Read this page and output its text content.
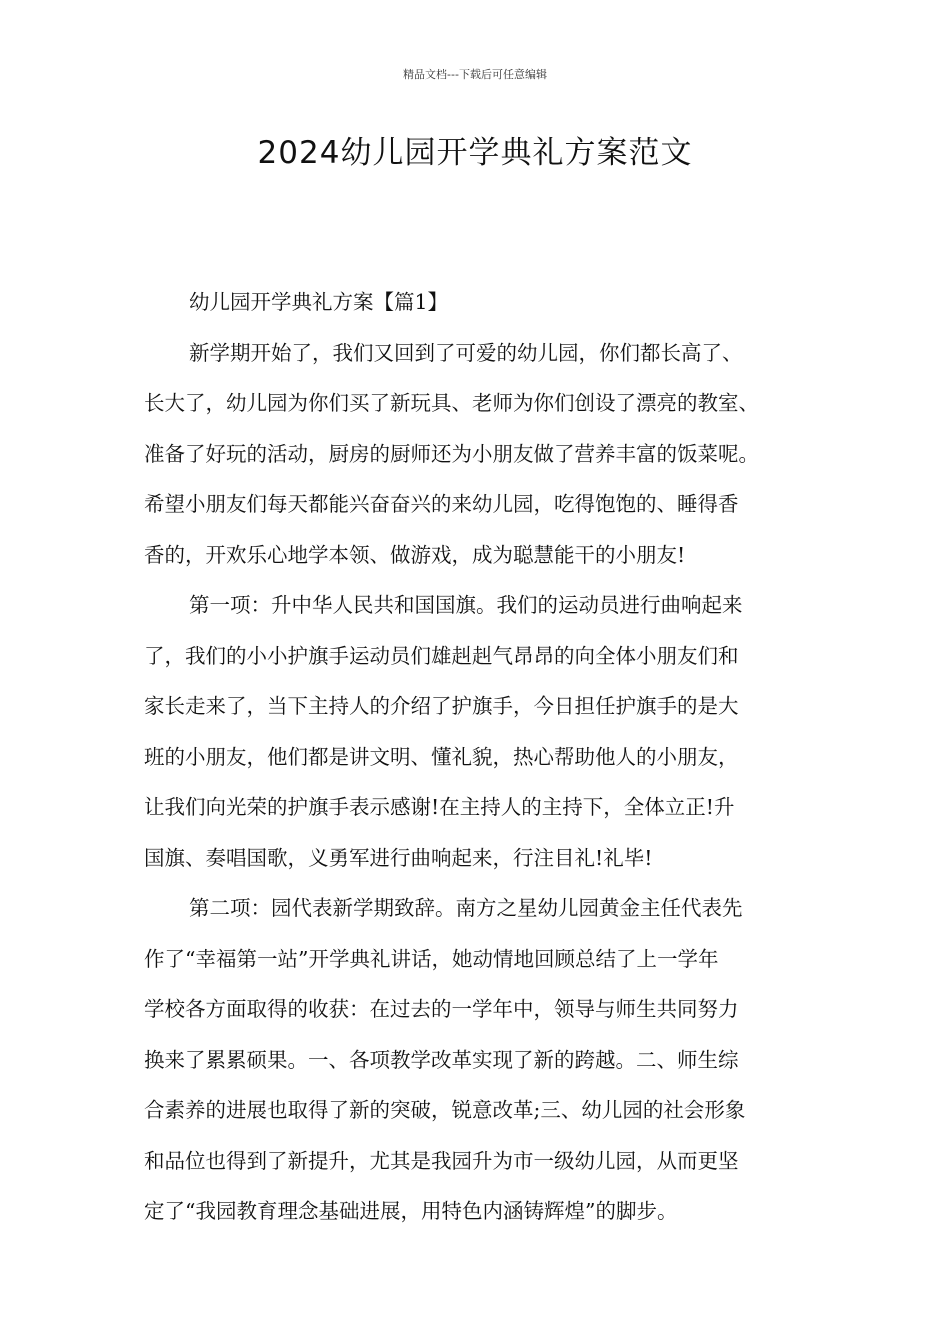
精品文档---下载后可任意编辑
2024幼儿园开学典礼方案范文
幼儿园开学典礼方案【篇1】
新学期开始了，我们又回到了可爱的幼儿园，你们都长高了、
长大了，幼儿园为你们买了新玩具、老师为你们创设了漂亮的教室、
准备了好玩的活动，厨房的厨师还为小朋友做了营养丰富的饭菜呢。
希望小朋友们每天都能兴奋奋兴的来幼儿园，吃得饱饱的、睡得香
香的，开欢乐心地学本领、做游戏，成为聪慧能干的小朋友!
第一项：升中华人民共和国国旗。我们的运动员进行曲响起来
了，我们的小小护旗手运动员们雄赳赳气昂昂的向全体小朋友们和
家长走来了，当下主持人的介绍了护旗手，今日担任护旗手的是大
班的小朋友，他们都是讲文明、懂礼貌，热心帮助他人的小朋友，
让我们向光荣的护旗手表示感谢!在主持人的主持下，全体立正!升
国旗、奏唱国歌，义勇军进行曲响起来，行注目礼!礼毕!
第二项：园代表新学期致辞。南方之星幼儿园黄金主任代表先
作了“幸福第一站”开学典礼讲话，她动情地回顾总结了上一学年
学校各方面取得的收获：在过去的一学年中，领导与师生共同努力
换来了累累硕果。一、各项教学改革实现了新的跨越。二、师生综
合素养的进展也取得了新的突破，锐意改革;三、幼儿园的社会形象
和品位也得到了新提升，尤其是我园升为市一级幼儿园，从而更坚
定了“我园教育理念基础进展，用特色内涵铸辉煌”的脚步。
